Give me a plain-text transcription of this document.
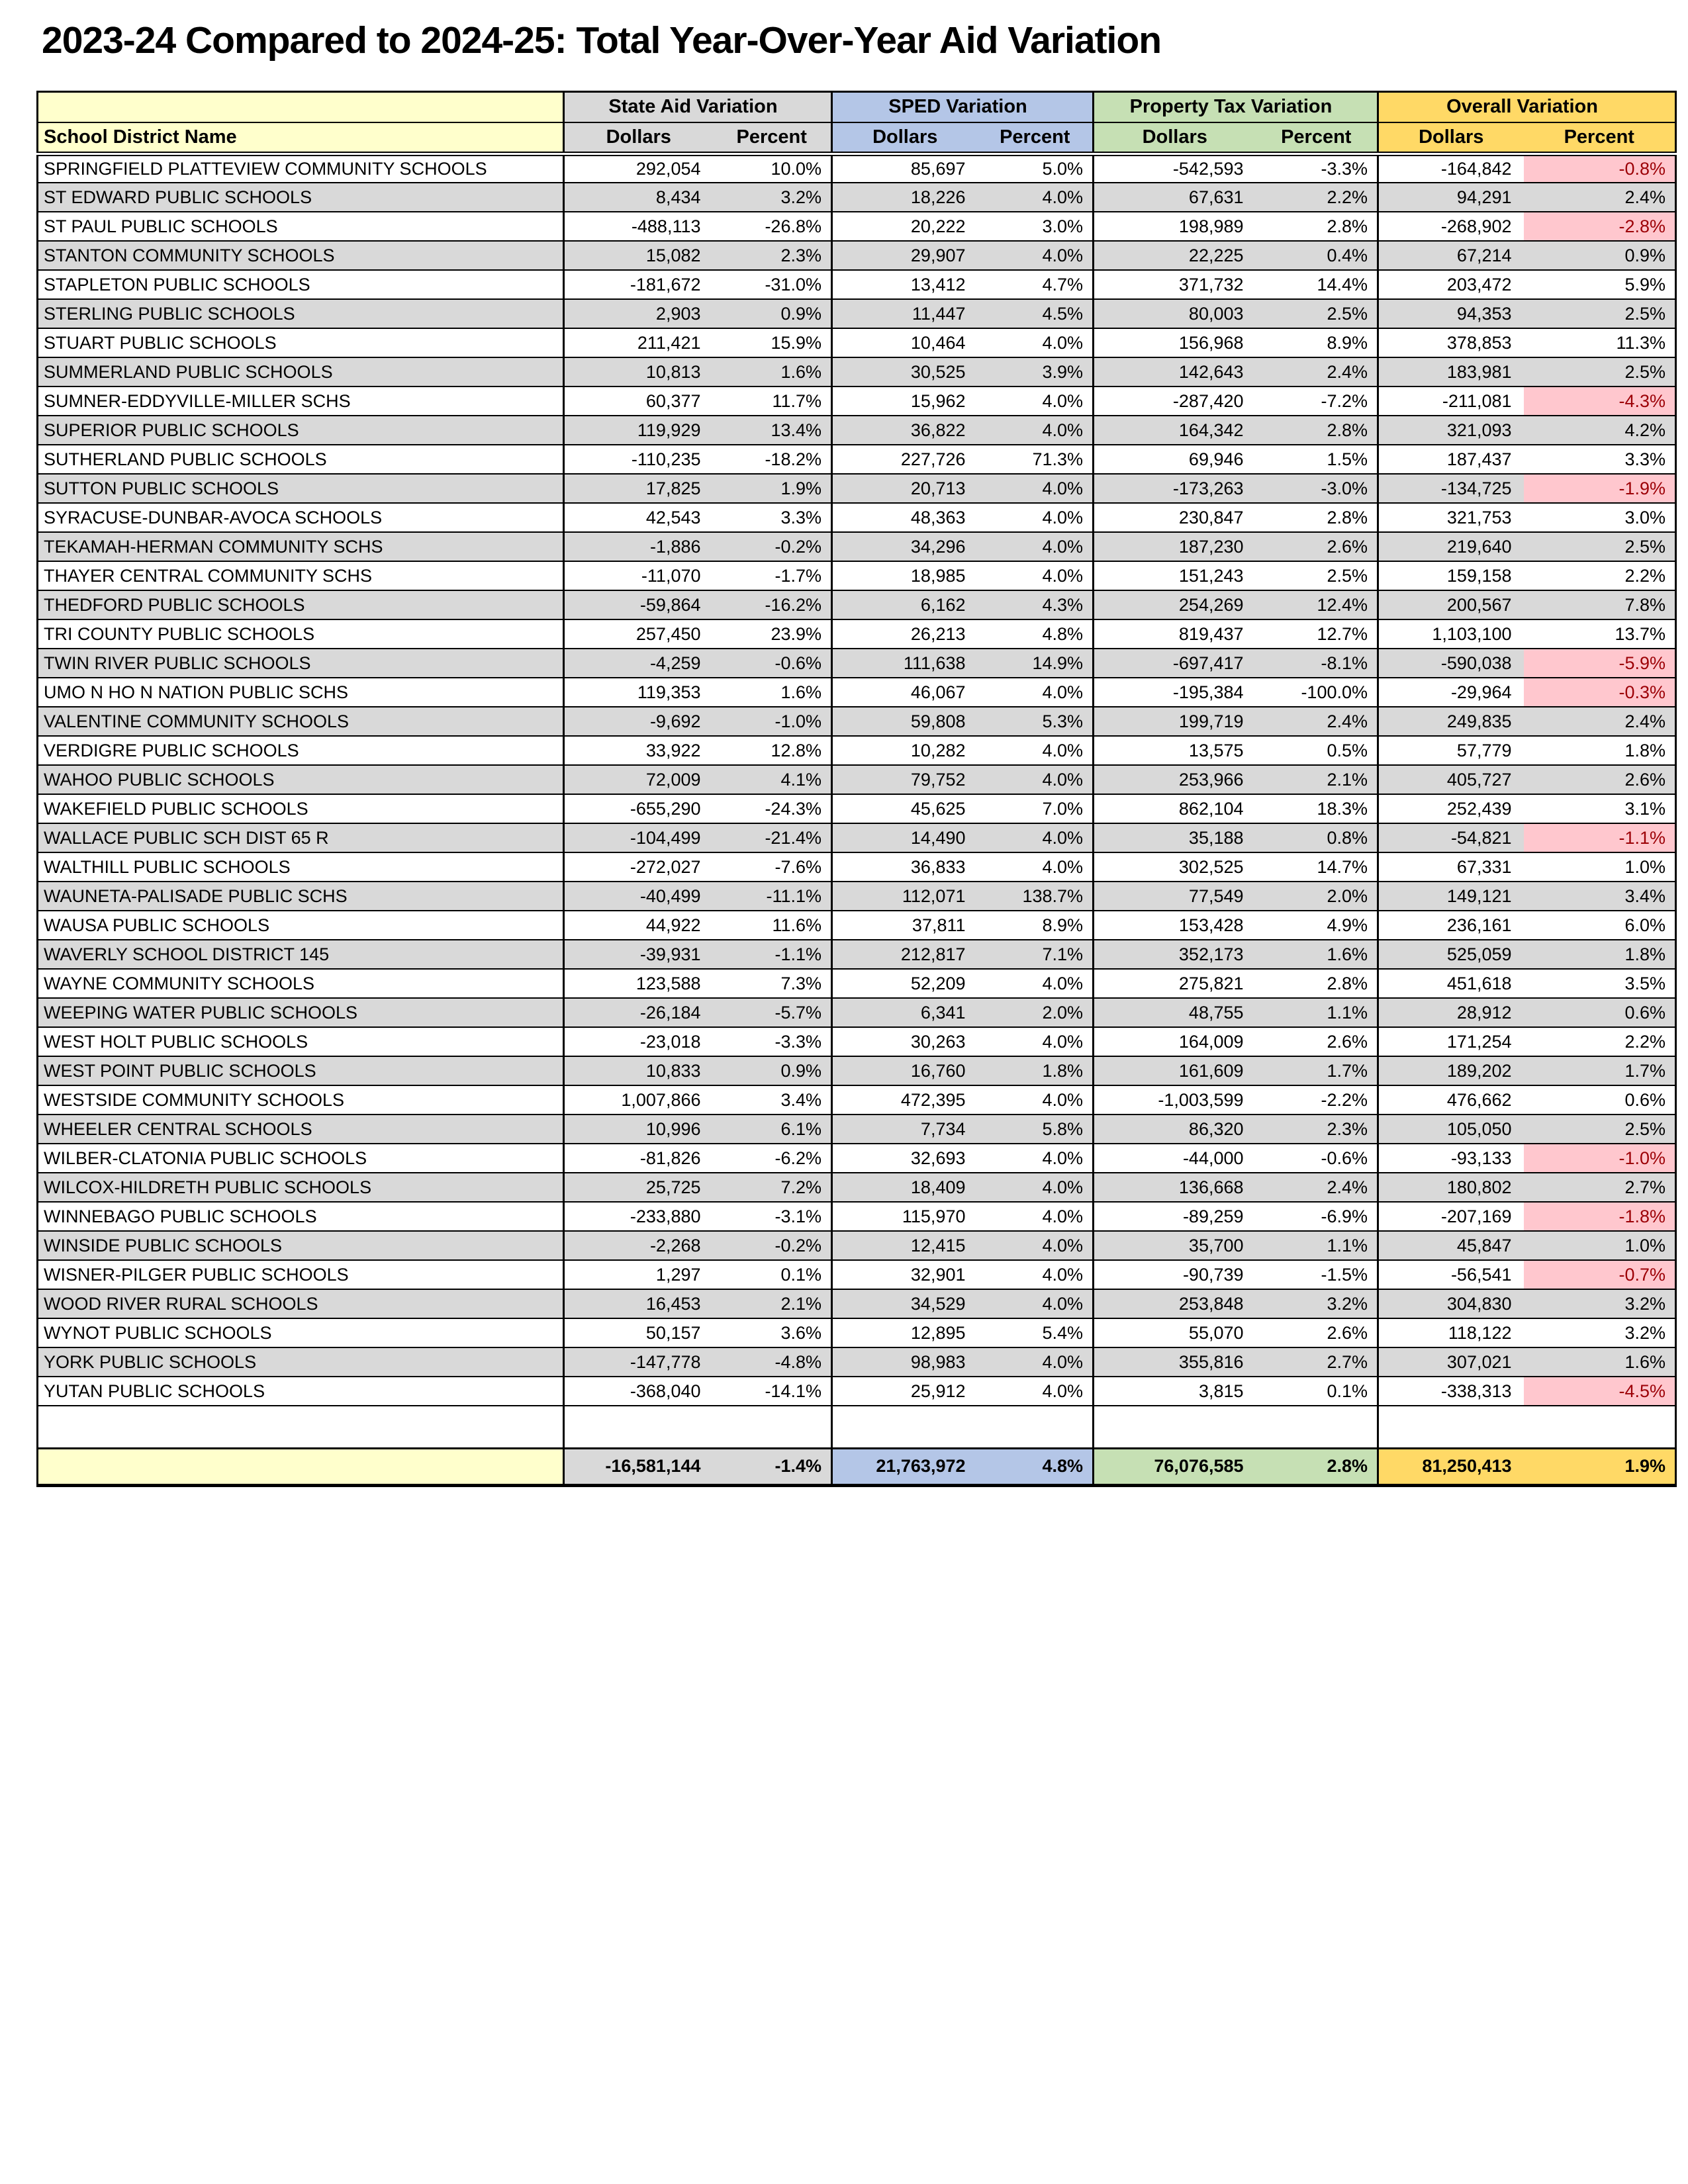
2023-24 Compared to 2024-25: Total Year-Over-Year Aid Variation
	State Aid Variation		SPED Variation		Property Tax Variation		Overall Variation	
School District Name	Dollars	Percent	Dollars	Percent	Dollars	Percent	Dollars	Percent
SPRINGFIELD PLATTEVIEW COMMUNITY SCHOOLS	292,054	10.0%	85,697	5.0%	-542,593	-3.3%	-164,842	-0.8%
ST EDWARD PUBLIC SCHOOLS	8,434	3.2%	18,226	4.0%	67,631	2.2%	94,291	2.4%
ST PAUL PUBLIC SCHOOLS	-488,113	-26.8%	20,222	3.0%	198,989	2.8%	-268,902	-2.8%
STANTON COMMUNITY SCHOOLS	15,082	2.3%	29,907	4.0%	22,225	0.4%	67,214	0.9%
STAPLETON PUBLIC SCHOOLS	-181,672	-31.0%	13,412	4.7%	371,732	14.4%	203,472	5.9%
STERLING PUBLIC SCHOOLS	2,903	0.9%	11,447	4.5%	80,003	2.5%	94,353	2.5%
STUART PUBLIC SCHOOLS	211,421	15.9%	10,464	4.0%	156,968	8.9%	378,853	11.3%
SUMMERLAND PUBLIC SCHOOLS	10,813	1.6%	30,525	3.9%	142,643	2.4%	183,981	2.5%
SUMNER-EDDYVILLE-MILLER SCHS	60,377	11.7%	15,962	4.0%	-287,420	-7.2%	-211,081	-4.3%
SUPERIOR PUBLIC SCHOOLS	119,929	13.4%	36,822	4.0%	164,342	2.8%	321,093	4.2%
SUTHERLAND PUBLIC SCHOOLS	-110,235	-18.2%	227,726	71.3%	69,946	1.5%	187,437	3.3%
SUTTON PUBLIC SCHOOLS	17,825	1.9%	20,713	4.0%	-173,263	-3.0%	-134,725	-1.9%
SYRACUSE-DUNBAR-AVOCA SCHOOLS	42,543	3.3%	48,363	4.0%	230,847	2.8%	321,753	3.0%
TEKAMAH-HERMAN COMMUNITY SCHS	-1,886	-0.2%	34,296	4.0%	187,230	2.6%	219,640	2.5%
THAYER CENTRAL COMMUNITY SCHS	-11,070	-1.7%	18,985	4.0%	151,243	2.5%	159,158	2.2%
THEDFORD PUBLIC SCHOOLS	-59,864	-16.2%	6,162	4.3%	254,269	12.4%	200,567	7.8%
TRI COUNTY PUBLIC SCHOOLS	257,450	23.9%	26,213	4.8%	819,437	12.7%	1,103,100	13.7%
TWIN RIVER PUBLIC SCHOOLS	-4,259	-0.6%	111,638	14.9%	-697,417	-8.1%	-590,038	-5.9%
UMO N HO N NATION PUBLIC SCHS	119,353	1.6%	46,067	4.0%	-195,384	-100.0%	-29,964	-0.3%
VALENTINE COMMUNITY SCHOOLS	-9,692	-1.0%	59,808	5.3%	199,719	2.4%	249,835	2.4%
VERDIGRE PUBLIC SCHOOLS	33,922	12.8%	10,282	4.0%	13,575	0.5%	57,779	1.8%
WAHOO PUBLIC SCHOOLS	72,009	4.1%	79,752	4.0%	253,966	2.1%	405,727	2.6%
WAKEFIELD PUBLIC SCHOOLS	-655,290	-24.3%	45,625	7.0%	862,104	18.3%	252,439	3.1%
WALLACE PUBLIC SCH DIST 65 R	-104,499	-21.4%	14,490	4.0%	35,188	0.8%	-54,821	-1.1%
WALTHILL PUBLIC SCHOOLS	-272,027	-7.6%	36,833	4.0%	302,525	14.7%	67,331	1.0%
WAUNETA-PALISADE PUBLIC SCHS	-40,499	-11.1%	112,071	138.7%	77,549	2.0%	149,121	3.4%
WAUSA PUBLIC SCHOOLS	44,922	11.6%	37,811	8.9%	153,428	4.9%	236,161	6.0%
WAVERLY SCHOOL DISTRICT 145	-39,931	-1.1%	212,817	7.1%	352,173	1.6%	525,059	1.8%
WAYNE COMMUNITY SCHOOLS	123,588	7.3%	52,209	4.0%	275,821	2.8%	451,618	3.5%
WEEPING WATER PUBLIC SCHOOLS	-26,184	-5.7%	6,341	2.0%	48,755	1.1%	28,912	0.6%
WEST HOLT PUBLIC SCHOOLS	-23,018	-3.3%	30,263	4.0%	164,009	2.6%	171,254	2.2%
WEST POINT PUBLIC SCHOOLS	10,833	0.9%	16,760	1.8%	161,609	1.7%	189,202	1.7%
WESTSIDE COMMUNITY SCHOOLS	1,007,866	3.4%	472,395	4.0%	-1,003,599	-2.2%	476,662	0.6%
WHEELER CENTRAL SCHOOLS	10,996	6.1%	7,734	5.8%	86,320	2.3%	105,050	2.5%
WILBER-CLATONIA PUBLIC SCHOOLS	-81,826	-6.2%	32,693	4.0%	-44,000	-0.6%	-93,133	-1.0%
WILCOX-HILDRETH PUBLIC SCHOOLS	25,725	7.2%	18,409	4.0%	136,668	2.4%	180,802	2.7%
WINNEBAGO PUBLIC SCHOOLS	-233,880	-3.1%	115,970	4.0%	-89,259	-6.9%	-207,169	-1.8%
WINSIDE PUBLIC SCHOOLS	-2,268	-0.2%	12,415	4.0%	35,700	1.1%	45,847	1.0%
WISNER-PILGER PUBLIC SCHOOLS	1,297	0.1%	32,901	4.0%	-90,739	-1.5%	-56,541	-0.7%
WOOD RIVER RURAL SCHOOLS	16,453	2.1%	34,529	4.0%	253,848	3.2%	304,830	3.2%
WYNOT PUBLIC SCHOOLS	50,157	3.6%	12,895	5.4%	55,070	2.6%	118,122	3.2%
YORK PUBLIC SCHOOLS	-147,778	-4.8%	98,983	4.0%	355,816	2.7%	307,021	1.6%
YUTAN PUBLIC SCHOOLS	-368,040	-14.1%	25,912	4.0%	3,815	0.1%	-338,313	-4.5%

	-16,581,144	-1.4%	21,763,972	4.8%	76,076,585	2.8%	81,250,413	1.9%
